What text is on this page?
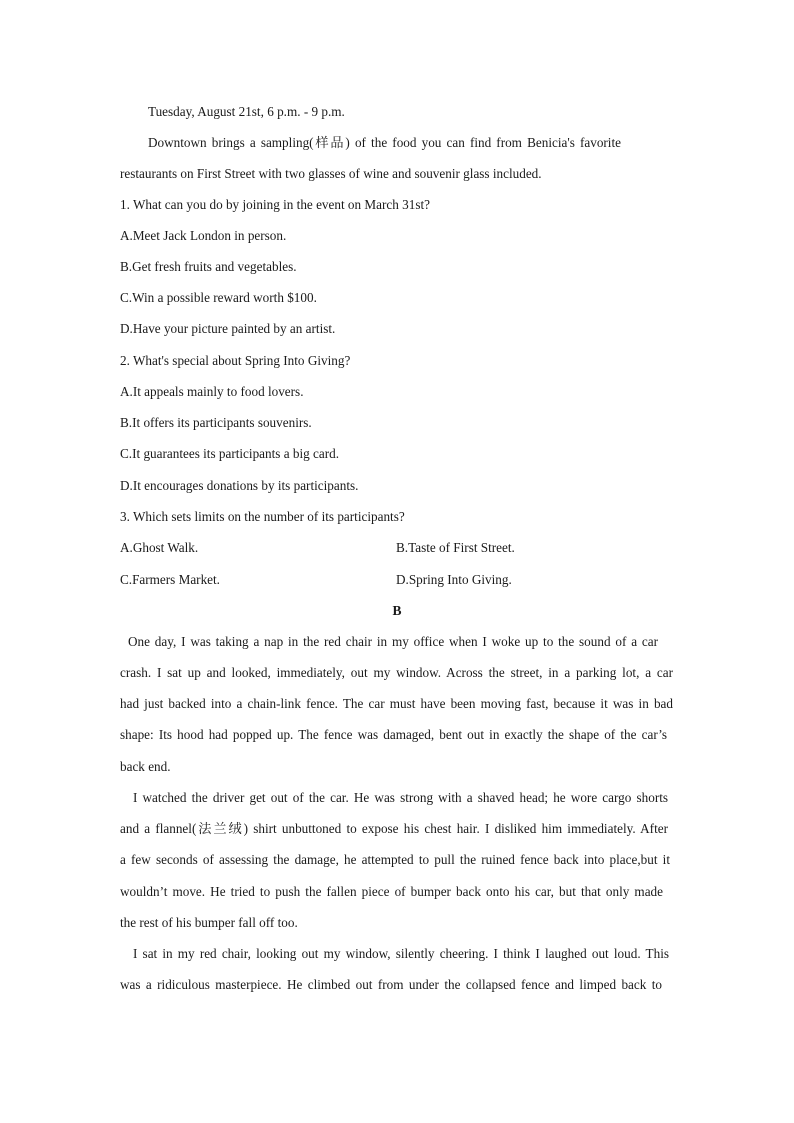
Tuesday, August 21st, 6 p.m. - 9 p.m.
Downtown brings a sampling(样品) of the food you can find from Benicia's favorite
restaurants on First Street with two glasses of wine and souvenir glass included.
1. What can you do by joining in the event on March 31st?
A.Meet Jack London in person.
B.Get fresh fruits and vegetables.
C.Win a possible reward worth $100.
D.Have your picture painted by an artist.
2. What's special about Spring Into Giving?
A.It appeals mainly to food lovers.
B.It offers its participants souvenirs.
C.It guarantees its participants a big card.
D.It encourages donations by its participants.
3. Which sets limits on the number of its participants?
A.Ghost Walk.	B.Taste of First Street.
C.Farmers Market.	D.Spring Into Giving.
B
One day, I was taking a nap in the red chair in my office when I woke up to the sound of a car
crash. I sat up and looked, immediately, out my window. Across the street, in a parking lot, a car
had just backed into a chain-link fence. The car must have been moving fast, because it was in bad
shape: Its hood had popped up. The fence was damaged, bent out in exactly the shape of the car’s
back end.
I watched the driver get out of the car. He was strong with a shaved head; he wore cargo shorts
and a flannel(法兰绒) shirt unbuttoned to expose his chest hair. I disliked him immediately. After
a few seconds of assessing the damage, he attempted to pull the ruined fence back into place,but it
wouldn’t move. He tried to push the fallen piece of bumper back onto his car, but that only made
the rest of his bumper fall off too.
I sat in my red chair, looking out my window, silently cheering. I think I laughed out loud. This
was a ridiculous masterpiece. He climbed out from under the collapsed fence and limped back to
